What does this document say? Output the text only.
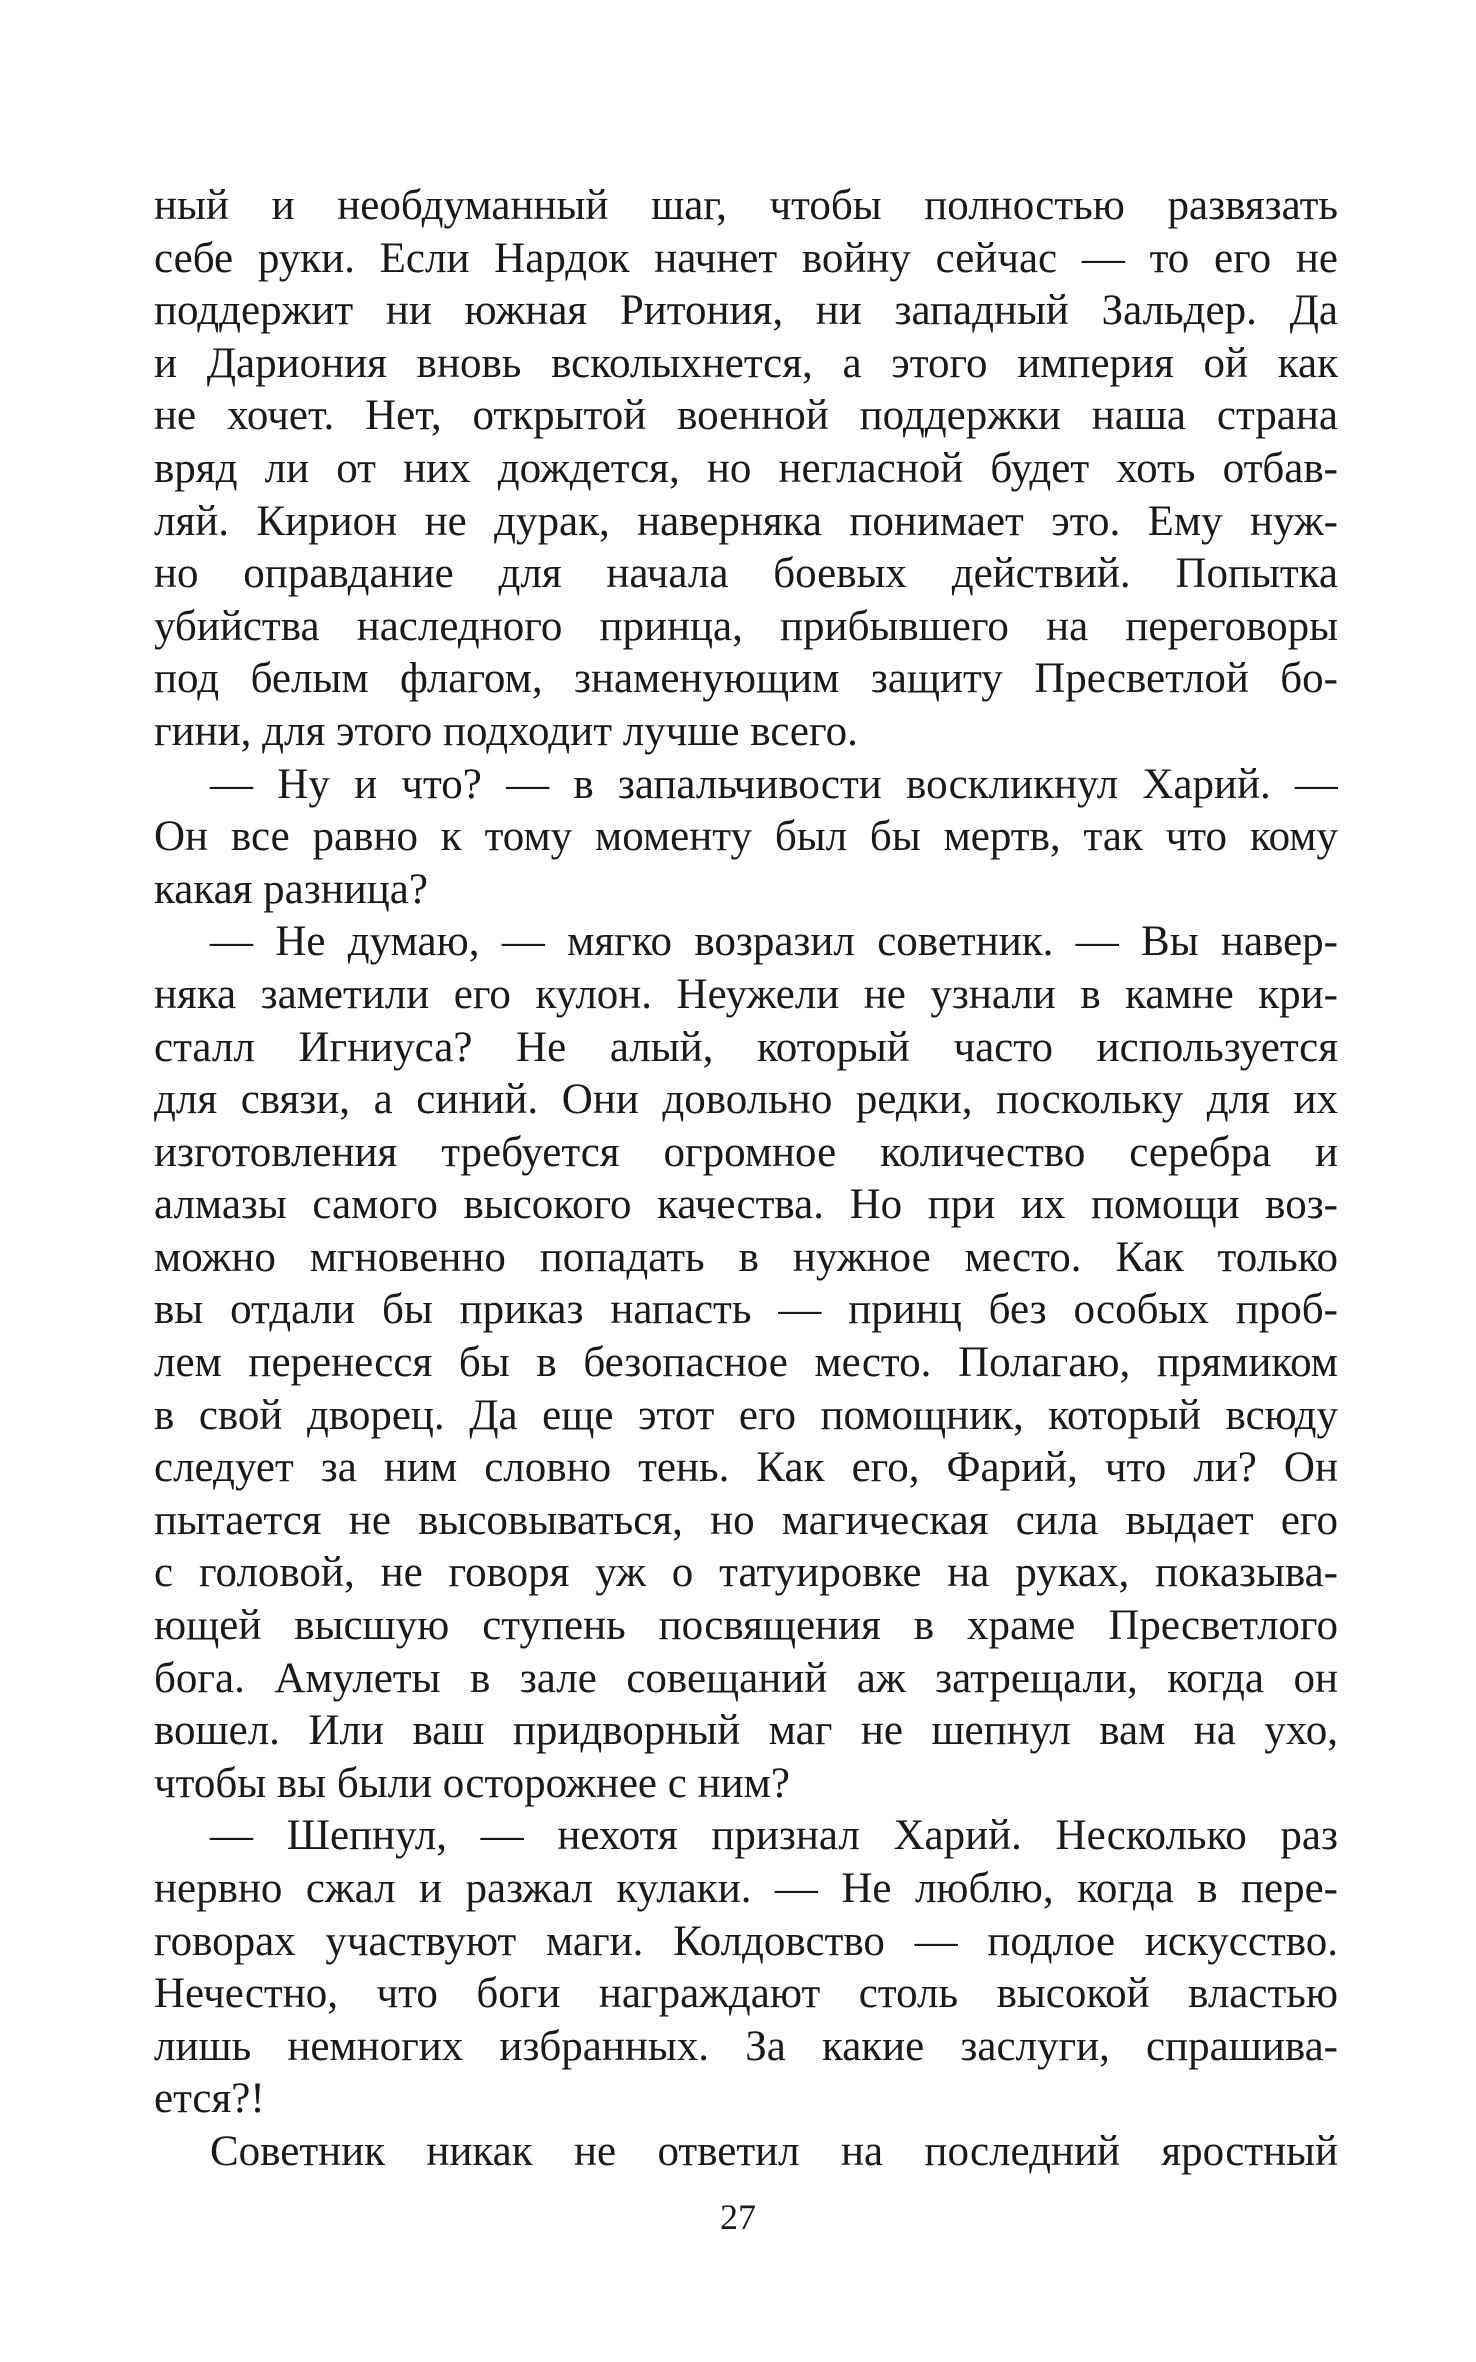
ный и необдуманный шаг, чтобы полностью развязать
себе руки. Если Нардок начнет войну сейчас — то его не
поддержит ни южная Ритония, ни западный Зальдер. Да
и Дариония вновь всколыхнется, а этого империя ой как
не хочет. Нет, открытой военной поддержки наша страна
вряд ли от них дождется, но негласной будет хоть отбав-
ляй. Кирион не дурак, наверняка понимает это. Ему нуж-
но оправдание для начала боевых действий. Попытка
убийства наследного принца, прибывшего на переговоры
под белым флагом, знаменующим защиту Пресветлой бо-
гини, для этого подходит лучше всего.
— Ну и что? — в запальчивости воскликнул Харий. —
Он все равно к тому моменту был бы мертв, так что кому
какая разница?
— Не думаю, — мягко возразил советник. — Вы навер-
няка заметили его кулон. Неужели не узнали в камне кри-
сталл Игниуса? Не алый, который часто используется
для связи, а синий. Они довольно редки, поскольку для их
изготовления требуется огромное количество серебра и
алмазы самого высокого качества. Но при их помощи воз-
можно мгновенно попадать в нужное место. Как только
вы отдали бы приказ напасть — принц без особых проб-
лем перенесся бы в безопасное место. Полагаю, прямиком
в свой дворец. Да еще этот его помощник, который всюду
следует за ним словно тень. Как его, Фарий, что ли? Он
пытается не высовываться, но магическая сила выдает его
с головой, не говоря уж о татуировке на руках, показыва-
ющей высшую ступень посвящения в храме Пресветлого
бога. Амулеты в зале совещаний аж затрещали, когда он
вошел. Или ваш придворный маг не шепнул вам на ухо,
чтобы вы были осторожнее с ним?
— Шепнул, — нехотя признал Харий. Несколько раз
нервно сжал и разжал кулаки. — Не люблю, когда в пере-
говорах участвуют маги. Колдовство — подлое искусство.
Нечестно, что боги награждают столь высокой властью
лишь немногих избранных. За какие заслуги, спрашива-
ется?!
Советник никак не ответил на последний яростный
27
